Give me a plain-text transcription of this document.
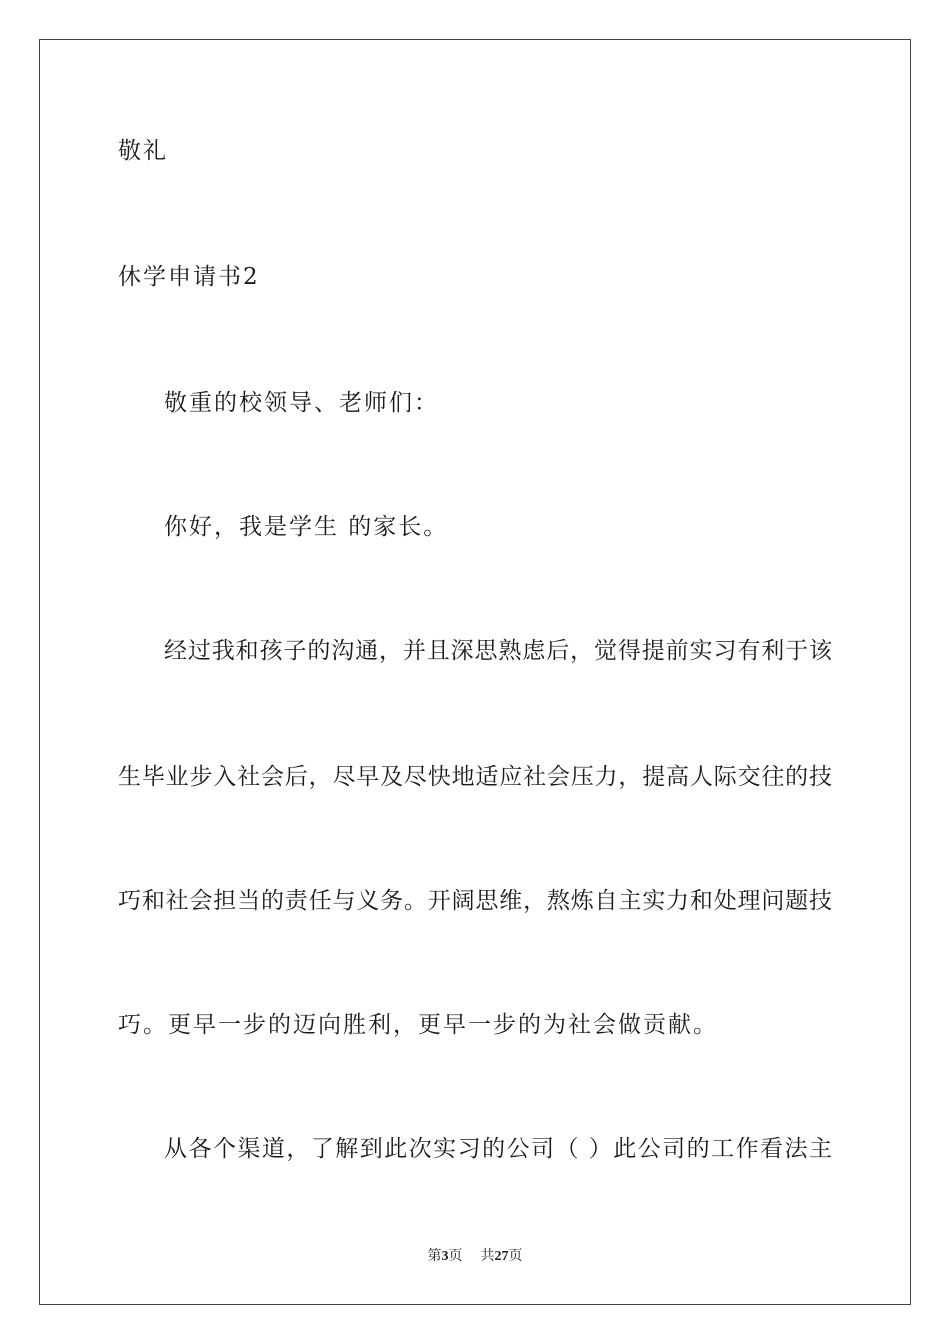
敬礼
休学申请书2
敬重的校领导、老师们：
你好，我是学生 的家长。
经过我和孩子的沟通，并且深思熟虑后，觉得提前实习有利于该
生毕业步入社会后，尽早及尽快地适应社会压力，提高人际交往的技
巧和社会担当的责任与义务。开阔思维，熬炼自主实力和处理问题技
巧。更早一步的迈向胜利，更早一步的为社会做贡献。
从各个渠道，了解到此次实习的公司（ ）此公司的工作看法主
第3页 共27页
